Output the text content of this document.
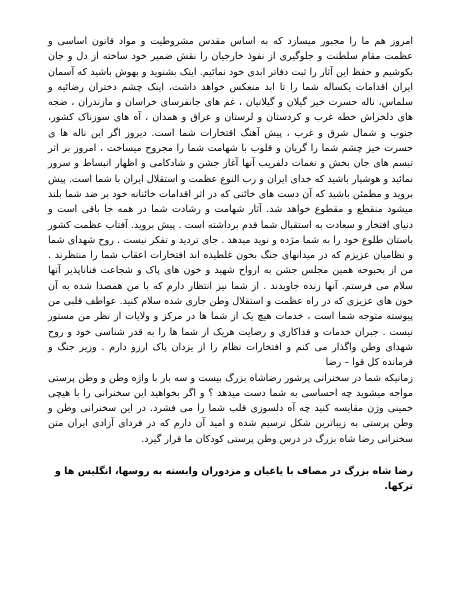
امروز هم ما را مجبور میسازد که به اساس مقدس مشروطیت و مواد قانون اساسی و عظمت مقام سلطنت و جلوگیری از نفوذ خارجیان را نقش ضمیر خود ساخته از دل و جان بکوشیم و حفظ این آثار را ثبت دفاتر ابدی خود نمائیم. اینک بشنوید و بهوش باشید که آسمان ایران اقدامات یکساله شما را تا ابد منعکس خواهد داشت، اینک چشم دختران رضائیه و سلماس، ناله حسرت خیز گیلان و گیلانیان ، غم های جانفرسای خراسان و مازندران ، ضجه های دلخراش خطه غرب و کردستان و لرستان و عراق و همدان ، آه های سوزناک کشور، جنوب و شمال شرق و غرب ، پیش آهنگ اقتخارات شما است. دیروز اگر این ناله ها ی حسرت خیز چشم شما را گریان و قلوب با شهامت شما را مجروح میساخت ، امروز بر اثر تبسم های جان بخش و نغمات دلفریب آنها آغاز جشن و شادکامی و اظهار انبساط و سرور نمائید و هوشیار باشید که خدای ایران و رب النوع عظمت و استقلال ایران با شما است. پیش بروید و مطمئن باشید که آن دست های خائنی که در اثر اقدامات خائنانه خود بر ضد شما بلند میشود منقطع و مقطوع خواهد شد. آثار شهامت و رشادت شما در همه جا باقی است و دنیای افتخار و سعادت به استقبال شما قدم برداشته است . پیش بروید. آفتاب عظمت کشور باستان طلوع خود را به شما مژده و نوید میدهد . جای تردید و تفکر نیست . روح شهدای شما و نظامیان عزیزم که در میدانهای جنگ بخون غلطیده اند افتخارات اعقاب شما را منتظرند . من از بحبوحه همین مجلس جشن به ارواح شهید و خون های پاک و شجاعت فنانا‌پذیر آنها سلام می فرستم. آنها زنده جاویدند . از شما نیز انتظار دارم که با من همصدا شده به آن خون های عزیزی که در راه عظمت و استقلال وطن جاری شده سلام کنید. عواطف قلبی من پیوسته متوجه شما است ، خدمات هیچ یک از شما ها در مرکز و ولایات از نظر من مستور نیست . جبران خدمات و فداکاری و رضایت هریک از شما ها را به قدر شناسی خود و روح شهدای وطن واگذار می کنم و افتخارات نظام را از یزدان پاک ارزو دارم . وزیر جنگ و فرمانده کل قوا – رضا

زمانیکه شما در سخنرانی پرشور رضاشاه بزرگ بیست و سه بار با واژه وطن و وطن پرستی مواجه میشوید چه احساسی به شما دست میدهد ؟ و اگر بخواهید این سخنرانی را با هیچی خمینی وژن مقایسه کنید چه آه دلسوزی قلب شما را می فشرد. در این سخنرانی وطن و وطن پرستی به زیباترین شکل ترسیم شده و امید آن دارم که در فردای آزادی ایران متن سخنرانی رضا شاه بزرگ در درس وطن پرستی کودکان ما قرار گیرد.

رضا شاه بزرگ در مصاف با یاغیان و مزدوران وابسته به روسها، انگلیس ها و ترکها.
